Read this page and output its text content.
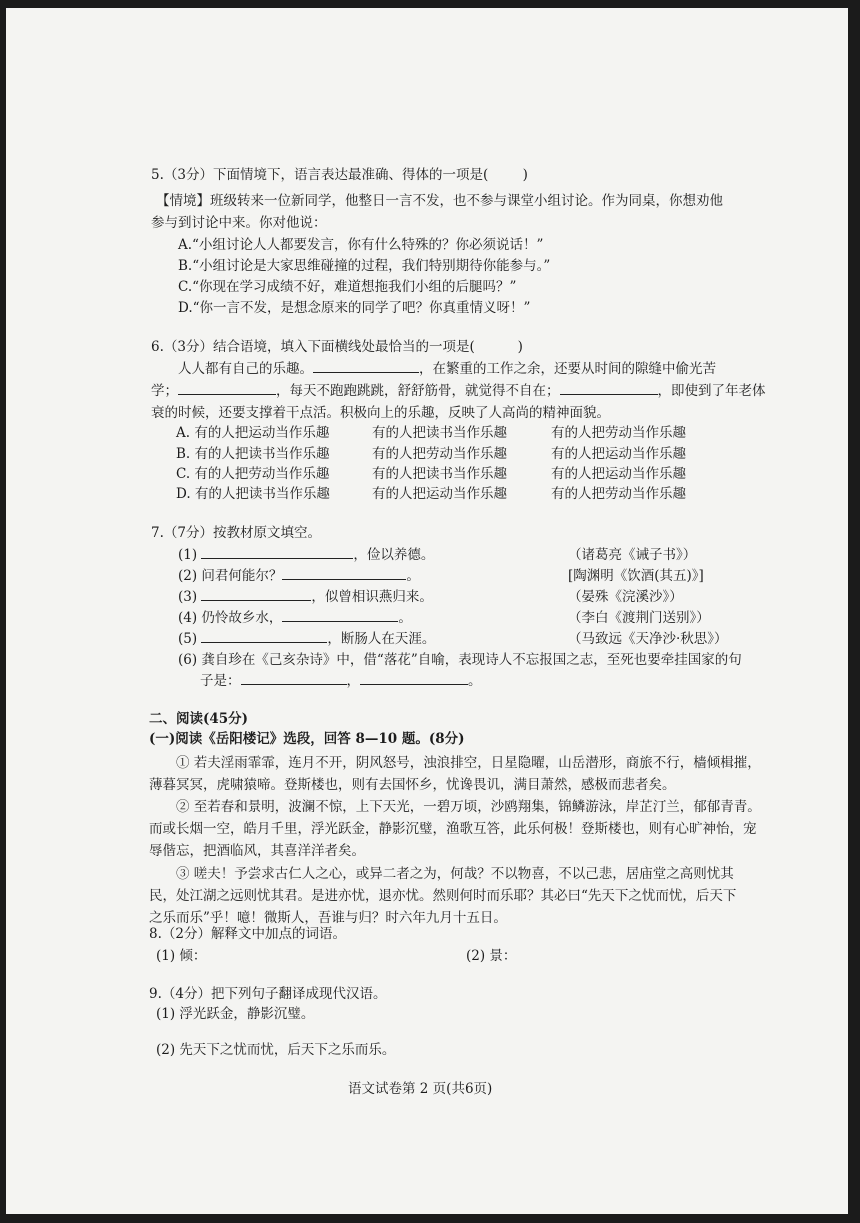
5.（3分）下面情境下，语言表达最准确、得体的一项是(        )
【情境】班级转来一位新同学，他整日一言不发，也不参与课堂小组讨论。作为同桌，你想劝他
参与到讨论中来。你对他说：
A.“小组讨论人人都要发言，你有什么特殊的？你必须说话！”
B.“小组讨论是大家思维碰撞的过程，我们特别期待你能参与。”
C.“你现在学习成绩不好，难道想拖我们小组的后腿吗？”
D.“你一言不发，是想念原来的同学了吧？你真重情义呀！”
6.（3分）结合语境，填入下面横线处最恰当的一项是(          )
人人都有自己的乐趣。	，在繁重的工作之余，还要从时间的隙缝中偷光苦
学；	，每天不跑跑跳跳，舒舒筋骨，就觉得不自在；	，即使到了年老体
衰的时候，还要支撑着干点活。积极向上的乐趣，反映了人高尚的精神面貌。
A. 有的人把运动当作乐趣	有的人把读书当作乐趣	有的人把劳动当作乐趣
B. 有的人把读书当作乐趣	有的人把劳动当作乐趣	有的人把运动当作乐趣
C. 有的人把劳动当作乐趣	有的人把读书当作乐趣	有的人把运动当作乐趣
D. 有的人把读书当作乐趣	有的人把运动当作乐趣	有的人把劳动当作乐趣
7.（7分）按教材原文填空。
(1)	，俭以养德。	（诸葛亮《诫子书》）
(2) 问君何能尔？	。	[陶渊明《饮酒(其五)》]
(3)	，似曾相识燕归来。	（晏殊《浣溪沙》）
(4) 仍怜故乡水，	。	（李白《渡荆门送别》）
(5)	，断肠人在天涯。	（马致远《天净沙·秋思》）
(6) 龚自珍在《己亥杂诗》中，借“落花”自喻，表现诗人不忘报国之志，至死也要牵挂国家的句
子是：	，	。
二、阅读(45分)
(一)阅读《岳阳楼记》选段，回答 8—10 题。(8分)
① 若夫淫雨霏霏，连月不开，阴风怒号，浊浪排空，日星隐曜，山岳潜形，商旅不行，樯倾楫摧，
薄暮冥冥，虎啸猿啼。登斯楼也，则有去国怀乡，忧谗畏讥，满目萧然，感极而悲者矣。
② 至若春和景明，波澜不惊，上下天光，一碧万顷，沙鸥翔集，锦鳞游泳，岸芷汀兰，郁郁青青。
而或长烟一空，皓月千里，浮光跃金，静影沉璧，渔歌互答，此乐何极！登斯楼也，则有心旷神怡，宠
辱偕忘，把酒临风，其喜洋洋者矣。
③ 嗟夫！予尝求古仁人之心，或异二者之为，何哉？不以物喜，不以己悲，居庙堂之高则忧其
民，处江湖之远则忧其君。是进亦忧，退亦忧。然则何时而乐耶？其必曰“先天下之忧而忧，后天下
之乐而乐”乎！噫！微斯人，吾谁与归？时六年九月十五日。
8.（2分）解释文中加点的词语。
(1) 倾：	(2) 景：
9.（4分）把下列句子翻译成现代汉语。
(1) 浮光跃金，静影沉璧。
(2) 先天下之忧而忧，后天下之乐而乐。
语文试卷第 2 页(共6页)
